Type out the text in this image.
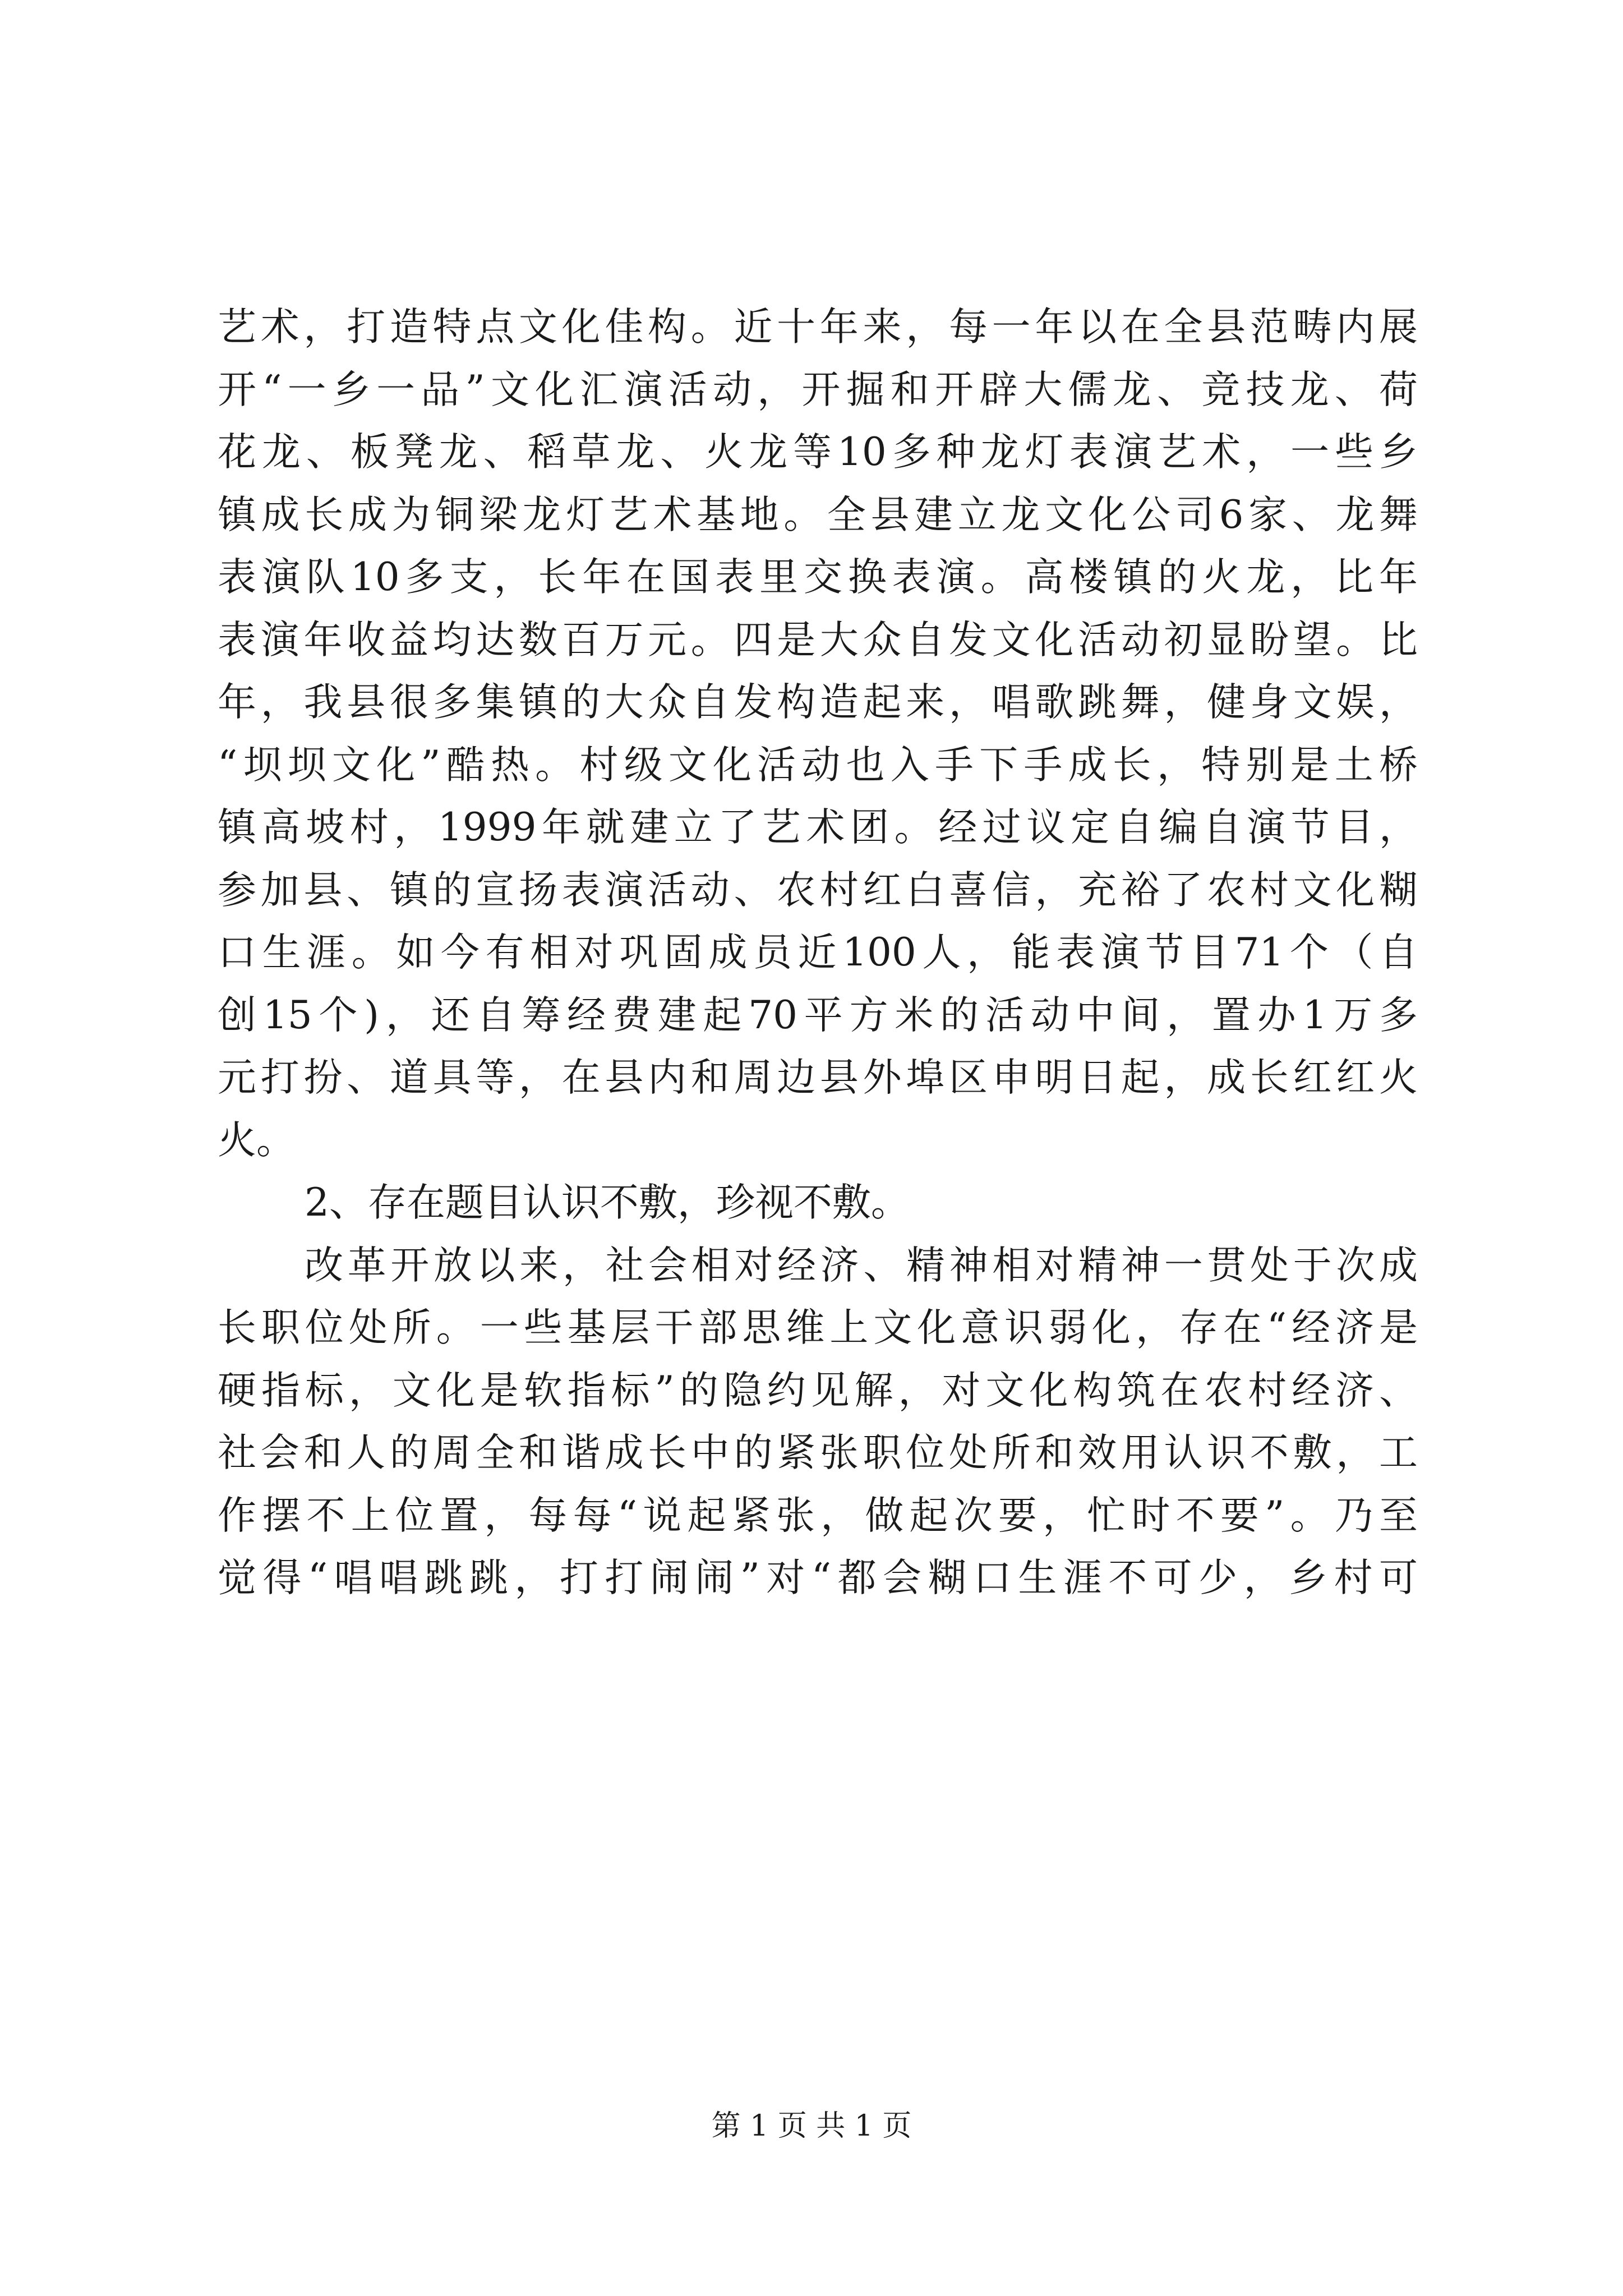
艺术，打造特点文化佳构。近十年来，每一年以在全县范畴内展
开“一乡一品”文化汇演活动，开掘和开辟大儒龙、竞技龙、荷
花龙、板凳龙、稻草龙、火龙等10多种龙灯表演艺术，一些乡
镇成长成为铜梁龙灯艺术基地。全县建立龙文化公司6家、龙舞
表演队10多支，长年在国表里交换表演。高楼镇的火龙，比年
表演年收益均达数百万元。四是大众自发文化活动初显盼望。比
年，我县很多集镇的大众自发构造起来，唱歌跳舞，健身文娱，
“坝坝文化”酷热。村级文化活动也入手下手成长，特别是土桥
镇高坡村，1999年就建立了艺术团。经过议定自编自演节目，
参加县、镇的宣扬表演活动、农村红白喜信，充裕了农村文化糊
口生涯。如今有相对巩固成员近100人，能表演节目71个（自
创15个)，还自筹经费建起70平方米的活动中间，置办1万多
元打扮、道具等，在县内和周边县外埠区申明日起，成长红红火
火。
2、存在题目认识不敷，珍视不敷。
改革开放以来，社会相对经济、精神相对精神一贯处于次成
长职位处所。一些基层干部思维上文化意识弱化，存在“经济是
硬指标，文化是软指标”的隐约见解，对文化构筑在农村经济、
社会和人的周全和谐成长中的紧张职位处所和效用认识不敷，工
作摆不上位置，每每“说起紧张，做起次要，忙时不要”。乃至
觉得“唱唱跳跳，打打闹闹”对“都会糊口生涯不可少，乡村可
第 1 页 共 1 页
